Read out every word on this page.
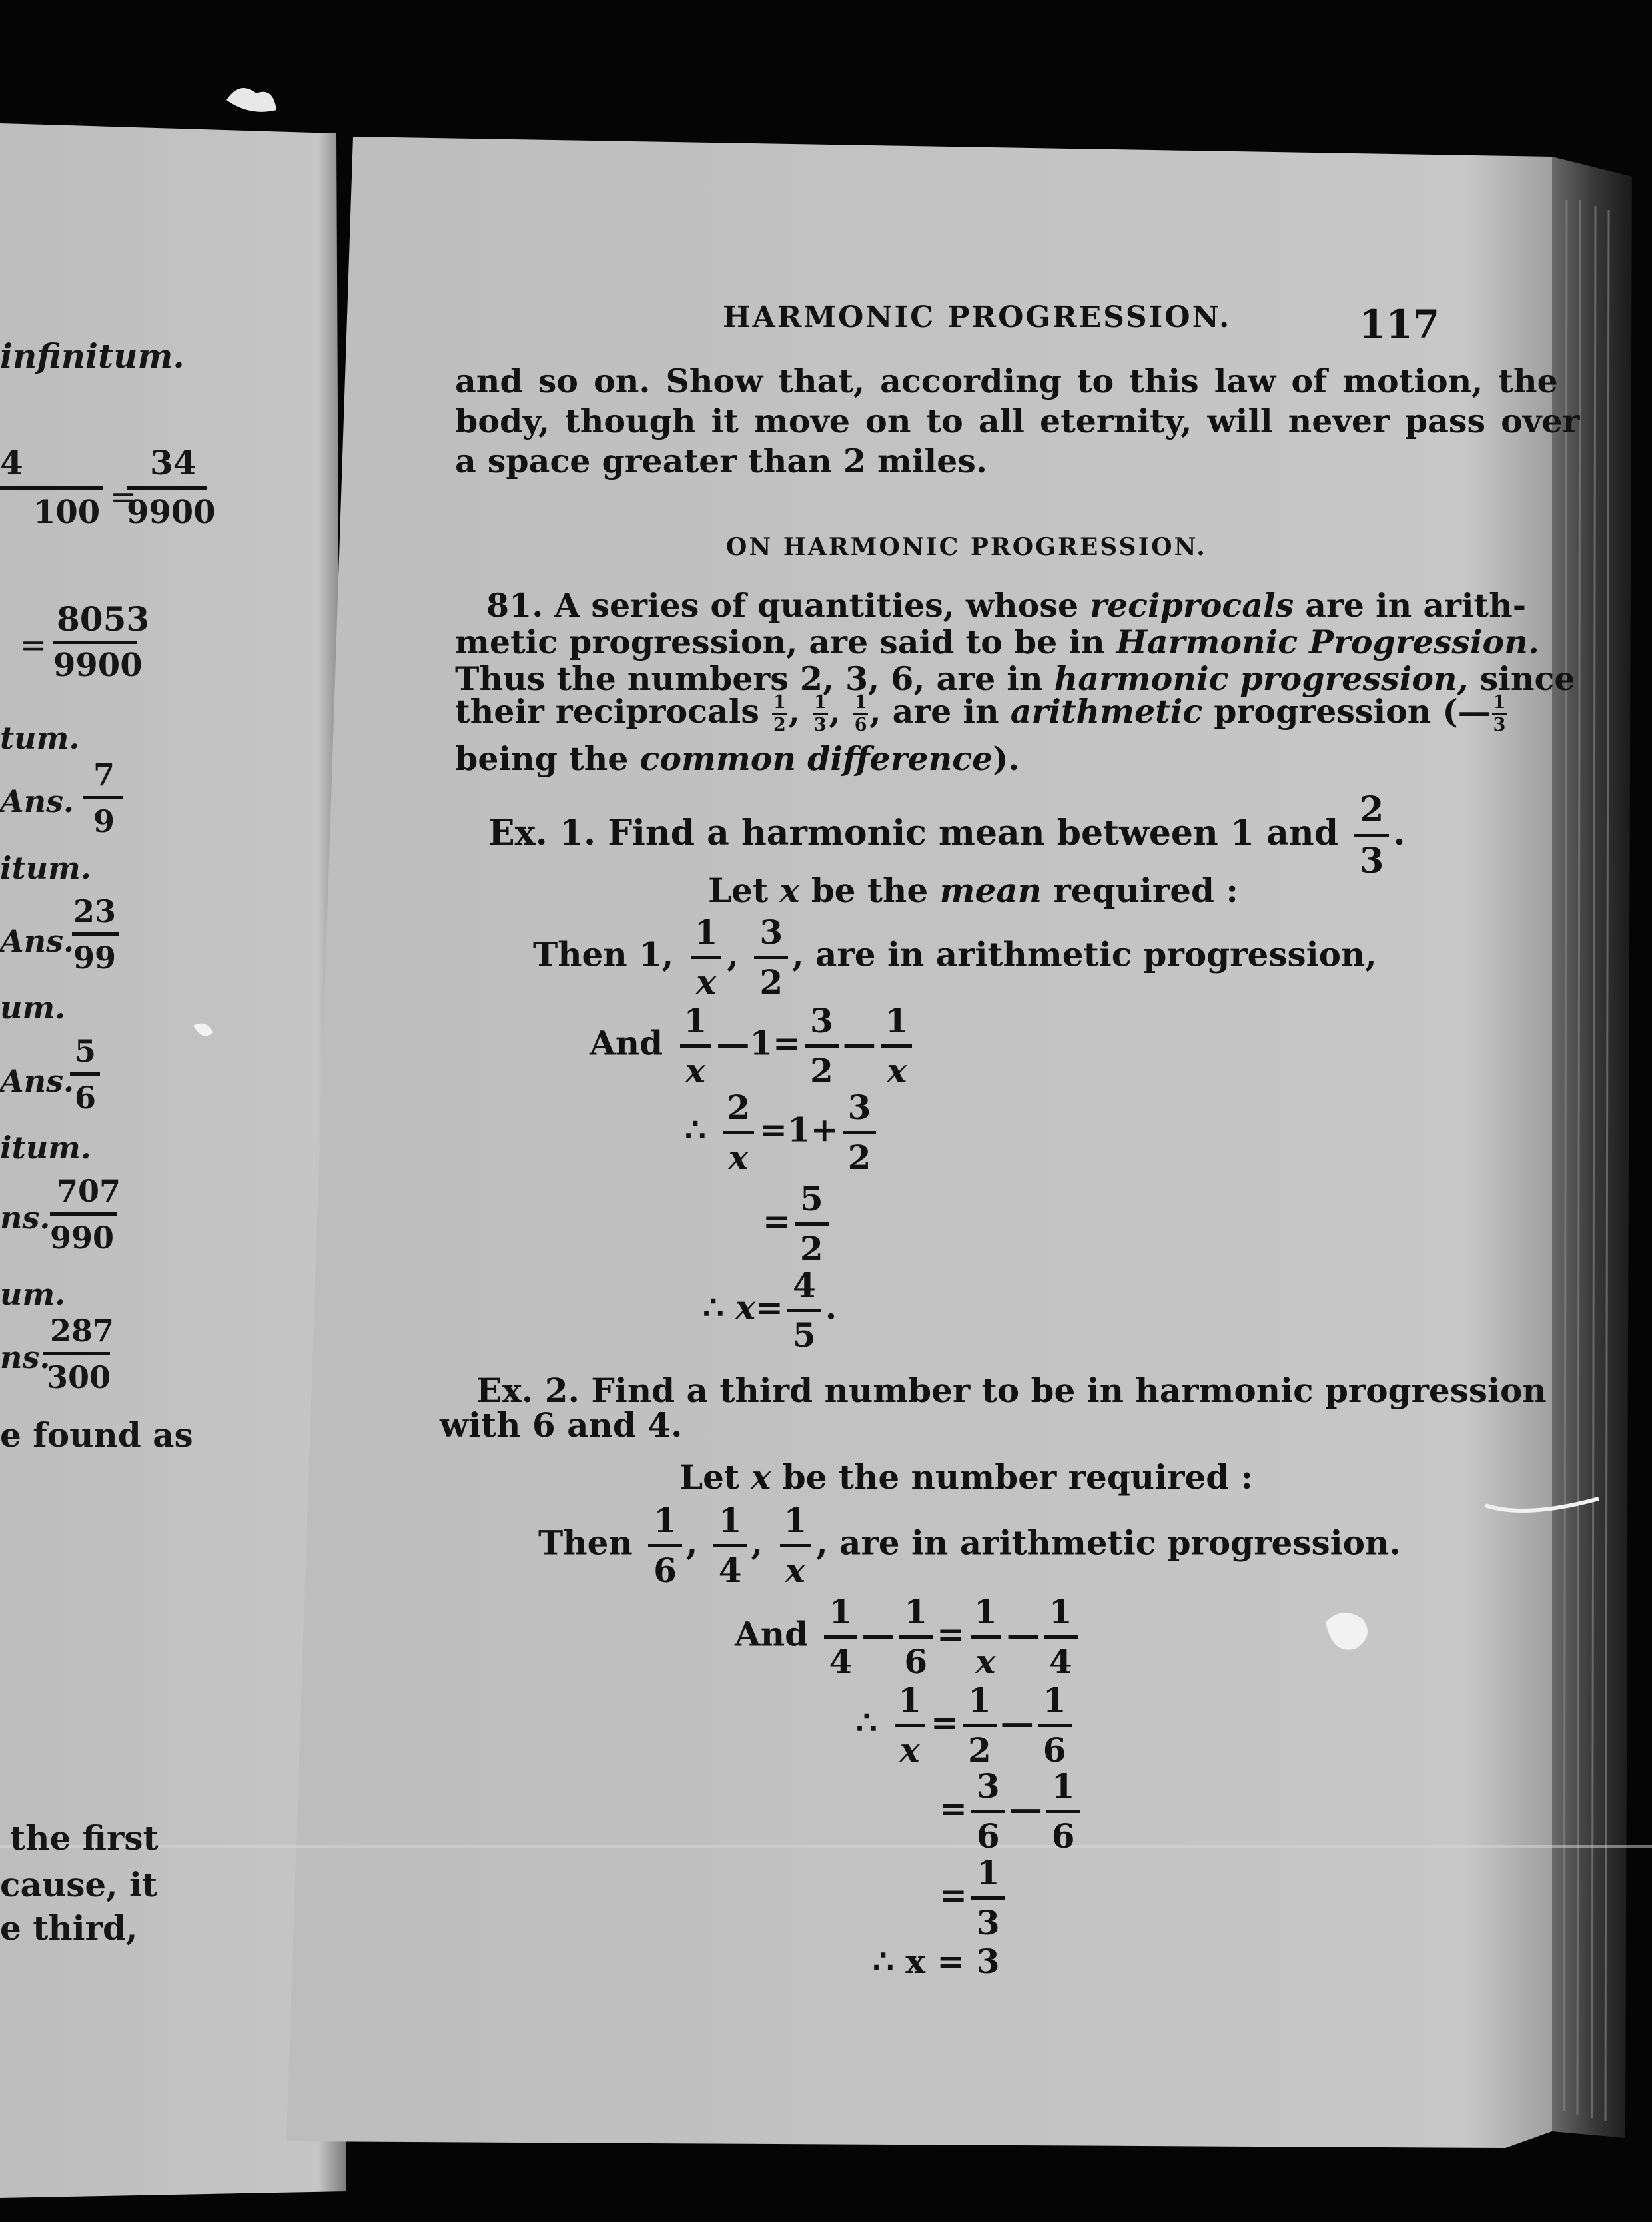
infinitum.
4	34
=
100 9900
8053
=
9900
tum.
Ans.
7
9
itum.
Ans.
23
99
um.
Ans.
5
6
itum.
ns.
707
990
um.
ns.
287
300
e found as
the first
cause, it
e third,
HARMONIC PROGRESSION.	117
and so on. Show that, according to this law of motion, the
body, though it move on to all eternity, will never pass over
a space greater than 2 miles.
ON HARMONIC PROGRESSION.
81. A series of quantities, whose reciprocals are in arith-
metic progression, are said to be in Harmonic Progression.
Thus the numbers 2, 3, 6, are in harmonic progression, since
their reciprocals $\frac{1}{2}$ , $\frac{1}{3}$ , $\frac{1}{6}$ , are in arithmetic progression (— $\frac{1}{3}$
being the common difference).
Ex. 1. Find a harmonic mean between 1 and $\frac{2}{3}$ .
Let x be the mean required :
Then 1, $\frac{1}{x}$ , $\frac{3}{2}$ , are in arithmetic progression,
And $\frac{1}{x}$ —1= $\frac{3}{2}$ — $\frac{1}{x}$
∴ $\frac{2}{x} =1+ \frac{3}{2}$
= $\frac{5}{2}$
∴ $x= \frac{4}{5}$ .
Ex. 2. Find a third number to be in harmonic progression
with 6 and 4.
Let x be the number required :
Then $\frac{1}{6}$ , $\frac{1}{4}$ , $\frac{1}{x}$ , are in arithmetic progression.
And $\frac{1}{4}$ — $\frac{1}{6} = \frac{1}{x}$ — $\frac{1}{4}$
∴ $\frac{1}{x} = \frac{1}{2}$ — $\frac{1}{6}$
= $\frac{3}{6}$ — $\frac{1}{6}$
= $\frac{1}{3}$
∴ x = 3
